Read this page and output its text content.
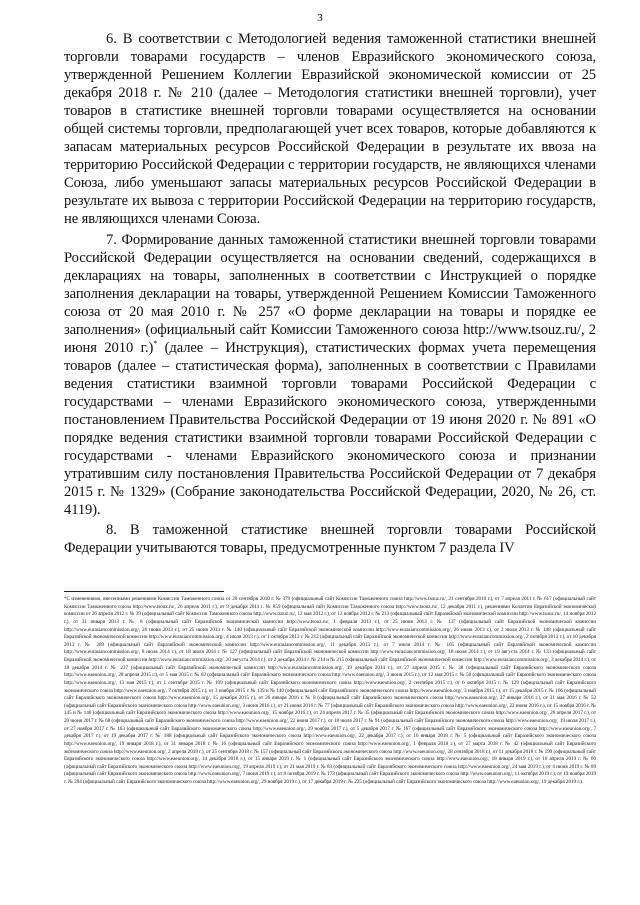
3

6. В соответствии с Методологией ведения таможенной статистики внешней торговли товарами государств – членов Евразийского экономического союза, утвержденной Решением Коллегии Евразийской экономической комиссии от 25 декабря 2018 г. № 210 (далее – Методология статистики внешней торговли), учет товаров в статистике внешней торговли товарами осуществляется на основании общей системы торговли, предполагающей учет всех товаров, которые добавляются к запасам материальных ресурсов Российской Федерации в результате их ввоза на территорию Российской Федерации с территории государств, не являющихся членами Союза, либо уменьшают запасы материальных ресурсов Российской Федерации в результате их вывоза с территории Российской Федерации на территорию государств, не являющихся членами Союза.

7. Формирование данных таможенной статистики внешней торговли товарами Российской Федерации осуществляется на основании сведений, содержащихся в декларациях на товары, заполненных в соответствии с Инструкцией о порядке заполнения декларации на товары, утвержденной Решением Комиссии Таможенного союза от 20 мая 2010 г. № 257 «О форме декларации на товары и порядке ее заполнения» (официальный сайт Комиссии Таможенного союза http://www.tsouz.ru/, 2 июня 2010 г.)* (далее – Инструкция), статистических формах учета перемещения товаров (далее – статистическая форма), заполненных в соответствии с Правилами ведения статистики взаимной торговли товарами Российской Федерации с государствами – членами Евразийского экономического союза, утвержденными постановлением Правительства Российской Федерации от 19 июня 2020 г. № 891 «О порядке ведения статистики взаимной торговли товарами Российской Федерации с государствами - членами Евразийского экономического союза и признании утратившим силу постановления Правительства Российской Федерации от 7 декабря 2015 г. № 1329» (Собрание законодательства Российской Федерации, 2020, № 26, ст. 4119).

8. В таможенной статистике внешней торговли товарами Российской Федерации учитываются товары, предусмотренные пунктом 7 раздела IV

*С изменениями, внесенными решениями Комиссии Таможенного союза от 20 сентября 2010 г. № 379 (официальный сайт Комиссии Таможенного союза http://www.tsouz.ru/, 21 сентября 2010 г.), от 7 апреля 2011 г. № 617 (официальный сайт Комиссии Таможенного союза http://www.tsouz.ru/, 26 апреля 2011 г.), от 9 декабря 2011 г. № 859 (официальный сайт Комиссии Таможенного союза http://www.tsouz.ru/, 12 декабря 2011 г.), решениями Коллегии Евразийской экономической комиссии от 26 апреля 2012 г. № 39 (официальный сайт Комиссии Таможенного союза http://www.tsouz.ru/, 12 мая 2012 г.), от 13 ноября 2012 г. № 213 (официальный сайт Евразийской экономической комиссии http://www.tsouz.ru/, 14 ноября 2012 г.), от 31 января 2013 г. № 8 (официальный сайт Евразийской экономической комиссии http://www.tsouz.ru/, 1 февраля 2013 г.), от 25 июня 2013 г. № 137 (официальный сайт Евразийской экономической комиссии http://www.eurasiancommission.org/, 26 июня 2013 г.), от 25 июня 2013 г. № 140 (официальный сайт Евразийской экономической комиссии http://www.eurasiancommission.org/, 26 июня 2013 г.), от 3 июля 2013 г. № 148 (официальный сайт Евразийской экономической комиссии http://www.eurasiancommission.org/, 4 июля 2013 г.), от 1 октября 2013 г. № 212 (официальный сайт Евразийской экономической комиссии http://www.eurasiancommission.org/, 2 октября 2013 г.), от 10 декабря 2013 г. № 289 (официальный сайт Евразийской экономической комиссии http://www.eurasiancommission.org/, 11 декабря 2013 г.), от 7 июля 2014 г. № 105 (официальный сайт Евразийской экономической комиссии http://www.eurasiancommission.org/, 8 июля 2014 г.), от 18 июля 2014 г. № 127 (официальный сайт Евразийской экономической комиссии http://www.eurasiancommission.org/, 18 июля 2014 г.), от 19 августа 2014 г. № 133 (официальный сайт Евразийской экономической комиссии http://www.eurasiancommission.org/, 20 августа 2014 г.), от 2 декабря 2014 г. № 214 и № 215 (официальный сайт Евразийской экономической комиссии http://www.eurasiancommission.org/, 3 декабря 2014 г.), от 18 декабря 2014 г. № 237 (официальный сайт Евразийской экономической комиссии http://www.eurasiancommission.org/, 19 декабря 2014 г.), от 27 апреля 2015 г. № 38 (официальный сайт Евразийского экономического союза http://www.eaeunion.org/, 28 апреля 2015 г.), от 5 мая 2015 г. № 62 (официальный сайт Евразийского экономического союза http://www.eaeunion.org/, 3 июня 2015 г.), от 12 мая 2015 г. № 50 (официальный сайт Евразийского экономического союза http://www.eaeunion.org/, 13 мая 2015 г.), от 1 сентября 2015 г. № 109 (официальный сайт Евразийского экономического союза http://www.eaeunion.org/, 2 сентября 2015 г.), от 6 октября 2015 г. № 129 (официальный сайт Евразийского экономического союза http://www.eaeunion.org/, 7 октября 2015 г.), от 3 ноября 2015 г. № 139 и № 140 (официальный сайт Евразийского экономического союза http://www.eaeunion.org/, 3 ноября 2015 г.), от 15 декабря 2015 г. № 166 (официальный сайт Евразийского экономического союза http://www.eaeunion.org/, 15 декабря 2015 г.), от 26 января 2016 г. № 8 (официальный сайт Евразийского экономического союза http://www.eaeunion.org/, 27 января 2016 г.), от 31 мая 2016 г. № 52 (официальный сайт Евразийского экономического союза http://www.eaeunion.org/, 3 июня 2016 г.), от 21 июня 2016 г. № 77 (официальный сайт Евразийского экономического союза http://www.eaeunion.org/, 22 июня 2016 г.), от 15 ноября 2016 г. № 145 и № 146 (официальный сайт Евразийского экономического союза http://www.eaeunion.org/, 15 ноября 2016 г.), от 24 апреля 2017 г. № 35 (официальный сайт Евразийского экономического союза http://www.eaeunion.org/, 26 апреля 2017 г.), от 20 июня 2017 г. № 68 (официальный сайт Евразийского экономического союза http://www.eaeunion.org/, 22 июня 2017 г.), от 18 июля 2017 г. № 91 (официальный сайт Евразийского экономического союза http://www.eaeunion.org/, 19 июля 2017 г.), от 27 ноября 2017 г. № 163 (официальный сайт Евразийского экономического союза http://www.eaeunion.org/, 29 ноября 2017 г.), от 5 декабря 2017 г. № 167 (официальный сайт Евразийского экономического союза http://www.eaeunion.org/, 7 декабря 2017 г.), от 19 декабря 2017 г. № 188 (официальный сайт Евразийского экономического союза http://www.eaeunion.org/, 22 декабря 2017 г.), от 16 января 2018 г. № 5 (официальный сайт Евразийского экономического союза http://www.eaeunion.org/, 19 января 2018 г.), от 31 января 2018 г. № 16 (официальный сайт Евразийского экономического союза http://www.eaeunion.org/, 1 февраля 2018 г.), от 27 марта 2018 г. № 42 (официальный сайт Евразийского экономического союза http://www.eaeunion.org/, 2 апреля 2018 г.), от 25 сентября 2018 г. № 157 (официальный сайт Евразийского экономического союза http://www.eaeunion.org/, 28 сентября 2018 г.), от 11 декабря 2018 г. № 199 (официальный сайт Евразийского экономического союза http://www.eaeunion.org/, 14 декабря 2018 г.), от 15 января 2019 г. № 1 (официальный сайт Евразийского экономического союза http://www.eaeunion.org/, 18 января 2019 г.), от 16 апреля 2019 г. № 60 (официальный сайт Евразийского экономического союза http://www.eaeunion.org/, 19 апреля 2019 г.), от 21 мая 2019 г. № 83 (официальный сайт Евразийского экономического союза http://www.eaeunion.org/, 24 мая 2019 г.), от 4 июня 2019 г. № 89 (официальный сайт Евразийского экономического союза http://www.eaeunion.org/, 7 июня 2019 г.), от 8 октября 2019 г. № 173 (официальный сайт Евразийского экономического союза http://www.eaeunion.org/, 11 октября 2019 г.), от 19 ноября 2019 г. № 204 (официальный сайт Евразийского экономического союза http://www.eaeunion.org/, 29 ноября 2019 г.), от 17 декабря 2019 г. № 225 (официальный сайт Евразийского экономического союза http://www.eaeunion.org/, 19 декабря 2019 г.).
